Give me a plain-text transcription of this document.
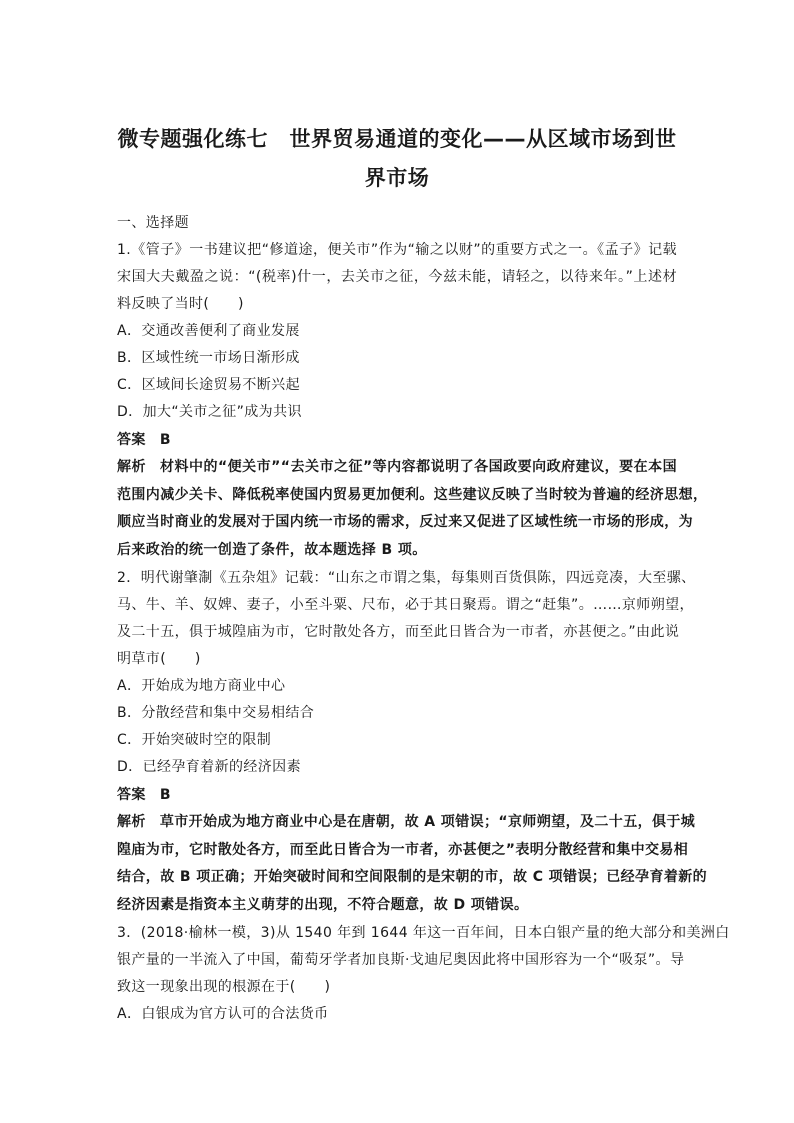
微专题强化练七　世界贸易通道的变化——从区域市场到世
界市场
一、选择题
1.《管子》一书建议把“修道途，便关市”作为“输之以财”的重要方式之一。《孟子》记载
宋国大夫戴盈之说：“(税率)什一，去关市之征，今兹未能，请轻之，以待来年。”上述材
料反映了当时(　　)
A．交通改善便利了商业发展
B．区域性统一市场日渐形成
C．区域间长途贸易不断兴起
D．加大“关市之征”成为共识
答案 B
解析 材料中的“便关市”“去关市之征”等内容都说明了各国政要向政府建议，要在本国
范围内减少关卡、降低税率使国内贸易更加便利。这些建议反映了当时较为普遍的经济思想，
顺应当时商业的发展对于国内统一市场的需求，反过来又促进了区域性统一市场的形成，为
后来政治的统一创造了条件，故本题选择 B 项。
2．明代谢肇淛《五杂俎》记载：“山东之市谓之集，每集则百货俱陈，四远竞凑，大至骡、
马、牛、羊、奴婢、妻子，小至斗粟、尺布，必于其日聚焉。谓之“赶集”。……京师朔望，
及二十五，俱于城隍庙为市，它时散处各方，而至此日皆合为一市者，亦甚便之。”由此说
明草市(　　)
A．开始成为地方商业中心
B．分散经营和集中交易相结合
C．开始突破时空的限制
D．已经孕育着新的经济因素
答案 B
解析 草市开始成为地方商业中心是在唐朝，故 A 项错误；“京师朔望，及二十五，俱于城
隍庙为市，它时散处各方，而至此日皆合为一市者，亦甚便之”表明分散经营和集中交易相
结合，故 B 项正确；开始突破时间和空间限制的是宋朝的市，故 C 项错误；已经孕育着新的
经济因素是指资本主义萌芽的出现，不符合题意，故 D 项错误。
3．(2018·榆林一模，3)从 1540 年到 1644 年这一百年间，日本白银产量的绝大部分和美洲白
银产量的一半流入了中国，葡萄牙学者加良斯·戈迪尼奥因此将中国形容为一个“吸泵”。导
致这一现象出现的根源在于(　　)
A．白银成为官方认可的合法货币
